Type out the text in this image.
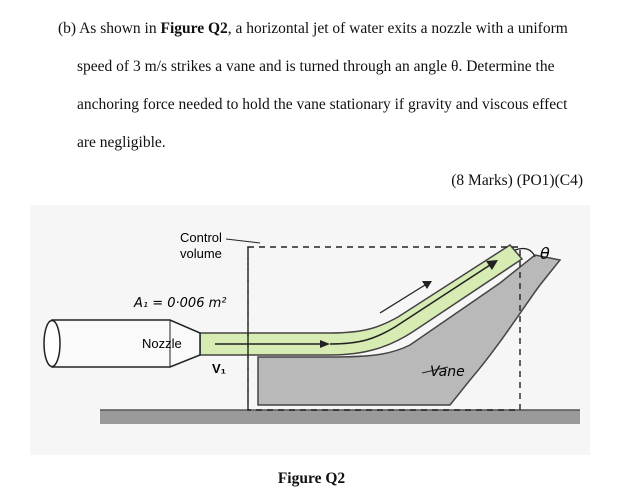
(b) As shown in Figure Q2, a horizontal jet of water exits a nozzle with a uniform
speed of 3 m/s strikes a vane and is turned through an angle θ. Determine the
anchoring force needed to hold the vane stationary if gravity and viscous effect
are negligible.
(8 Marks) (PO1)(C4)
Control
volume
A₁ = 0·006 m²
Nozzle
V₁	Vane
θ
Figure Q2
